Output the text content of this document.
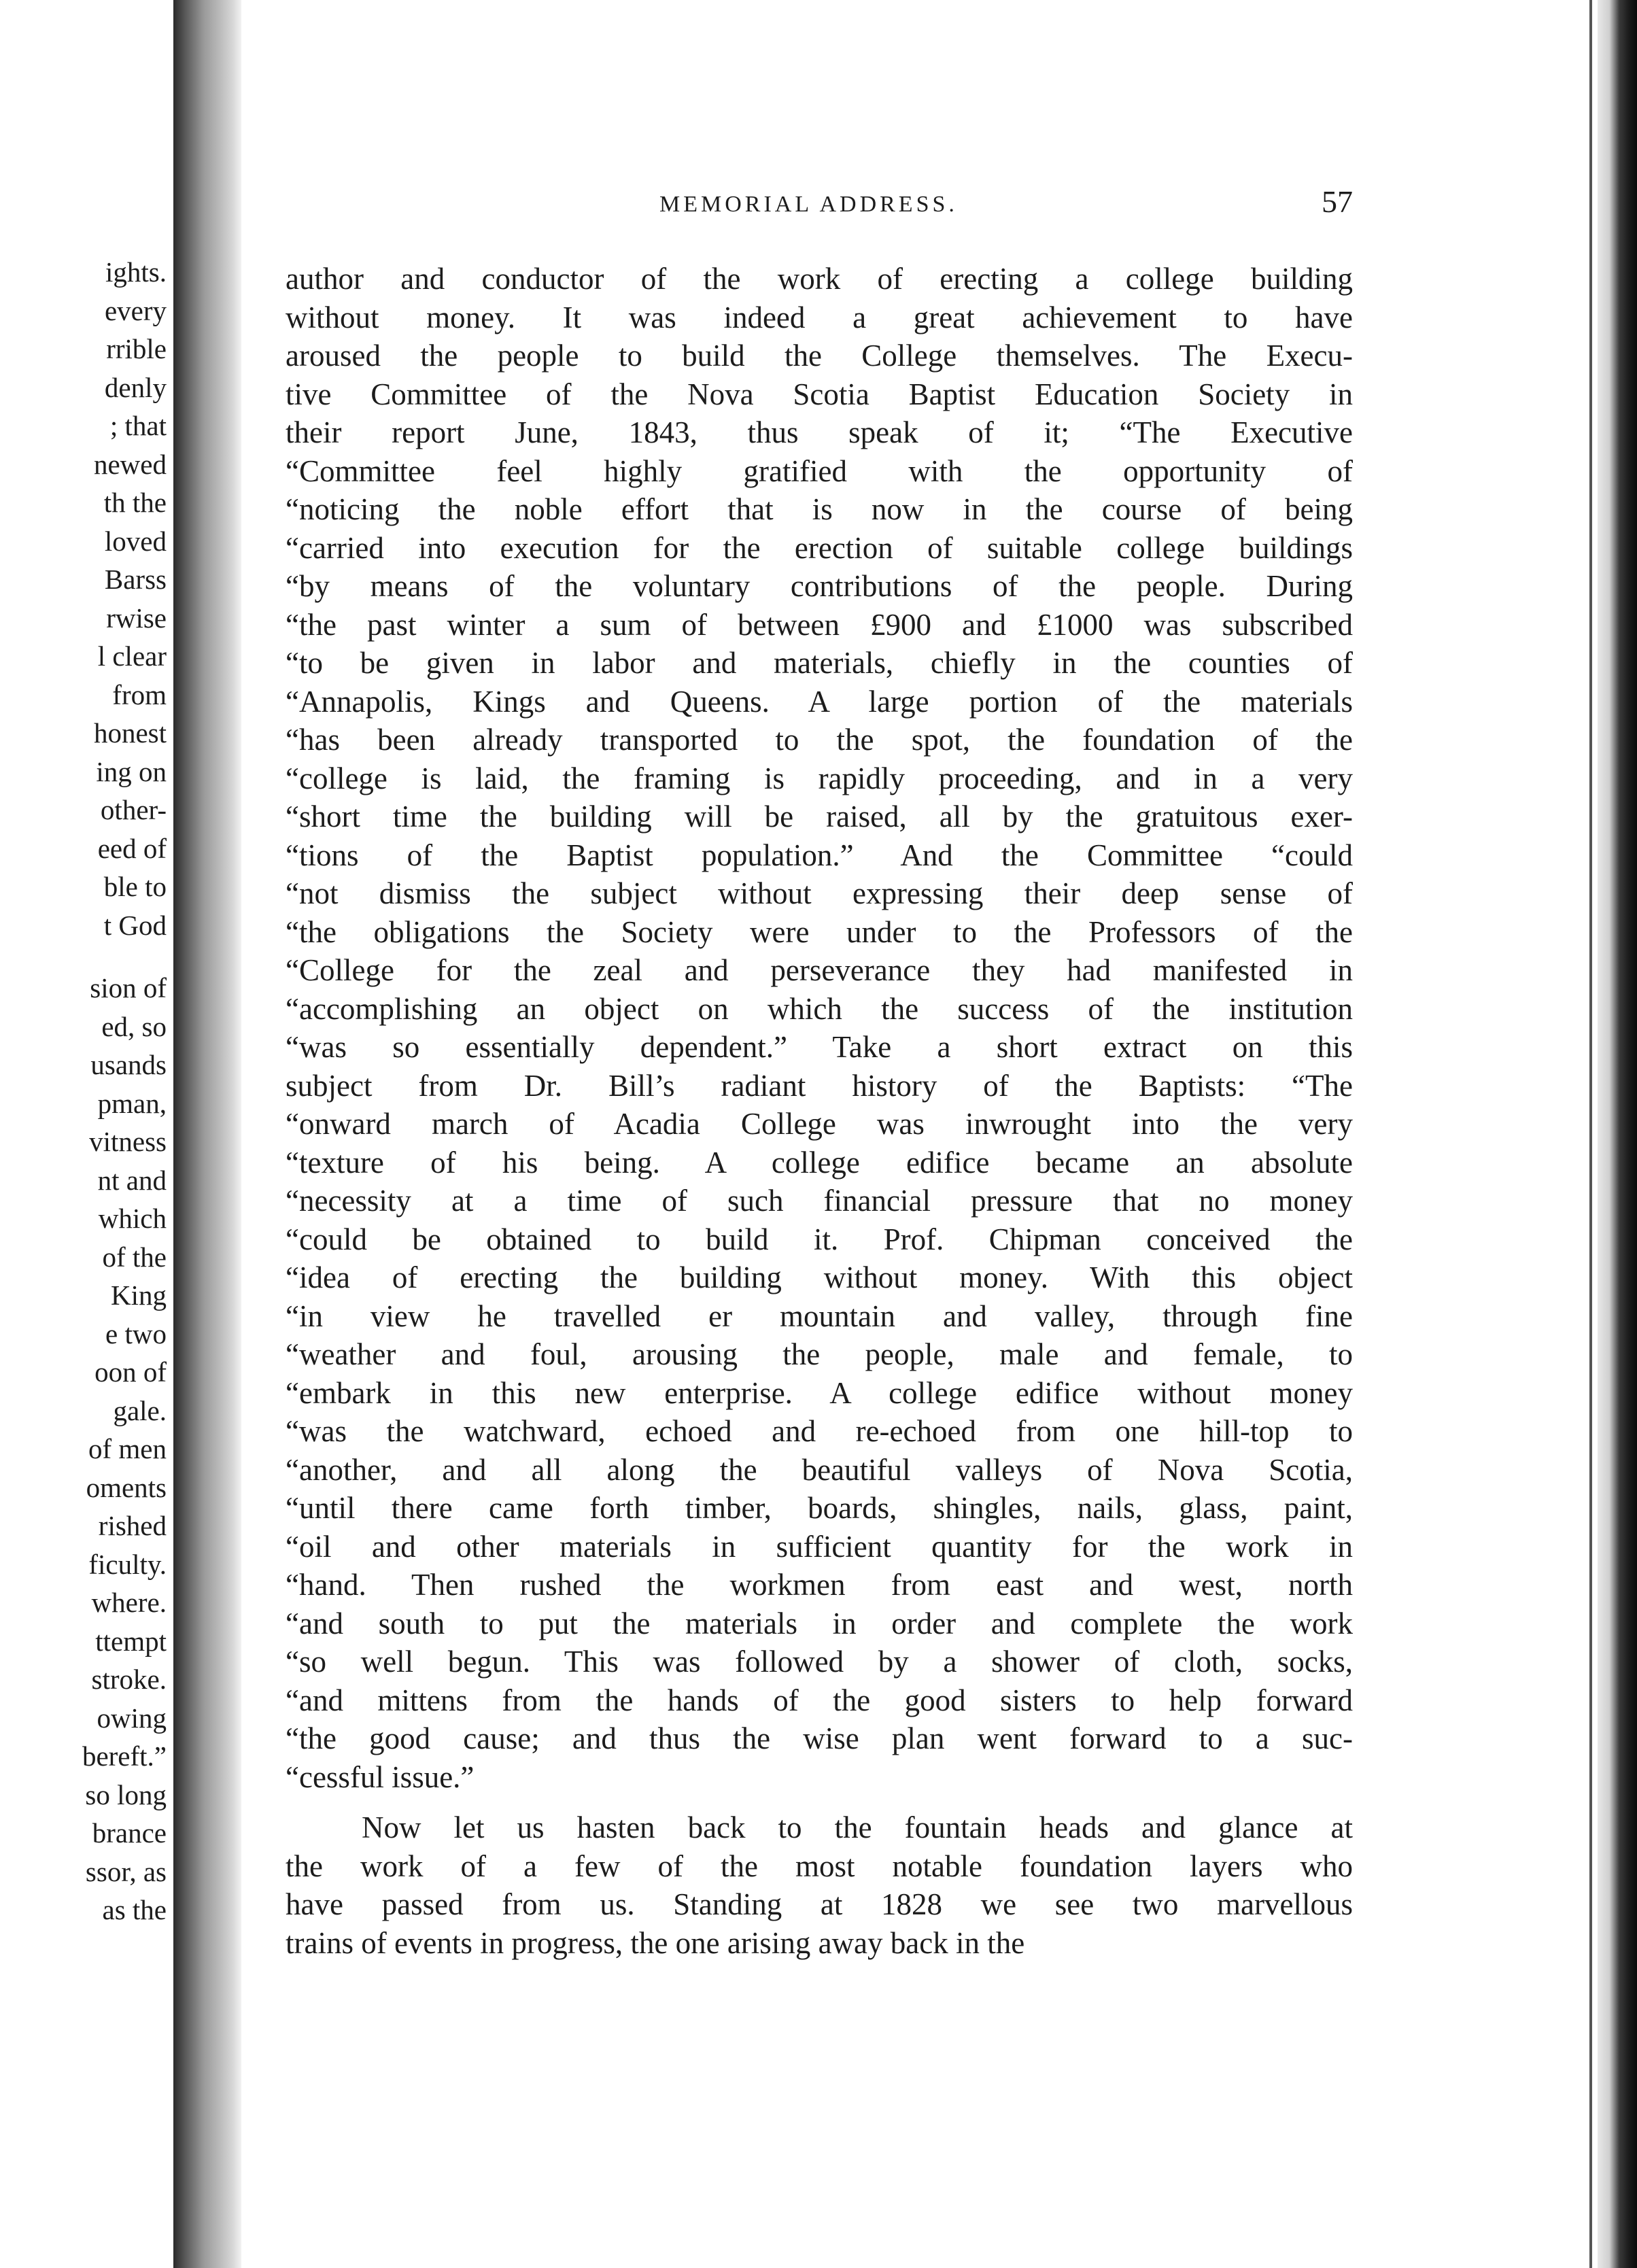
ights.
every
rrible
denly
; that
newed
th the
loved
Barss
rwise
l clear
from
honest
ing on
other-
eed of
ble to
t God
sion of
ed, so
usands
pman,
vitness
nt and
which
of the
King
e two
oon of
gale.
of men
oments
rished
ficulty.
where.
ttempt
stroke.
owing
bereft.”
so long
brance
ssor, as
as the
MEMORIAL ADDRESS.	57
author and conductor of the work of erecting a college building
without money. It was indeed a great achievement to have
aroused the people to build the College themselves. The Execu-
tive Committee of the Nova Scotia Baptist Education Society in
their report June, 1843, thus speak of it; “The Executive
“Committee feel highly gratified with the opportunity of
“noticing the noble effort that is now in the course of being
“carried into execution for the erection of suitable college buildings
“by means of the voluntary contributions of the people. During
“the past winter a sum of between £900 and £1000 was subscribed
“to be given in labor and materials, chiefly in the counties of
“Annapolis, Kings and Queens. A large portion of the materials
“has been already transported to the spot, the foundation of the
“college is laid, the framing is rapidly proceeding, and in a very
“short time the building will be raised, all by the gratuitous exer-
“tions of the Baptist population.” And the Committee “could
“not dismiss the subject without expressing their deep sense of
“the obligations the Society were under to the Professors of the
“College for the zeal and perseverance they had manifested in
“accomplishing an object on which the success of the institution
“was so essentially dependent.” Take a short extract on this
subject from Dr. Bill’s radiant history of the Baptists: “The
“onward march of Acadia College was inwrought into the very
“texture of his being. A college edifice became an absolute
“necessity at a time of such financial pressure that no money
“could be obtained to build it. Prof. Chipman conceived the
“idea of erecting the building without money. With this object
“in view he travelled er mountain and valley, through fine
“weather and foul, arousing the people, male and female, to
“embark in this new enterprise. A college edifice without money
“was the watchward, echoed and re-echoed from one hill-top to
“another, and all along the beautiful valleys of Nova Scotia,
“until there came forth timber, boards, shingles, nails, glass, paint,
“oil and other materials in sufficient quantity for the work in
“hand. Then rushed the workmen from east and west, north
“and south to put the materials in order and complete the work
“so well begun. This was followed by a shower of cloth, socks,
“and mittens from the hands of the good sisters to help forward
“the good cause; and thus the wise plan went forward to a suc-
“cessful issue.”
Now let us hasten back to the fountain heads and glance at
the work of a few of the most notable foundation layers who
have passed from us. Standing at 1828 we see two marvellous
trains of events in progress, the one arising away back in the
